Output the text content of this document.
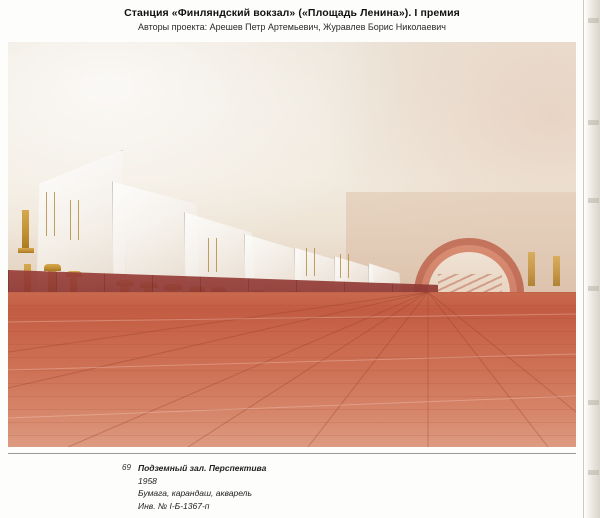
Станция «Финляндский вокзал» («Площадь Ленина»). I премия
Авторы проекта: Арешев Петр Артемьевич, Журавлев Борис Николаевич
69 Подземный зал. Перспектива
1958
Бумага, карандаш, акварель
Инв. № I-Б-1367-п
